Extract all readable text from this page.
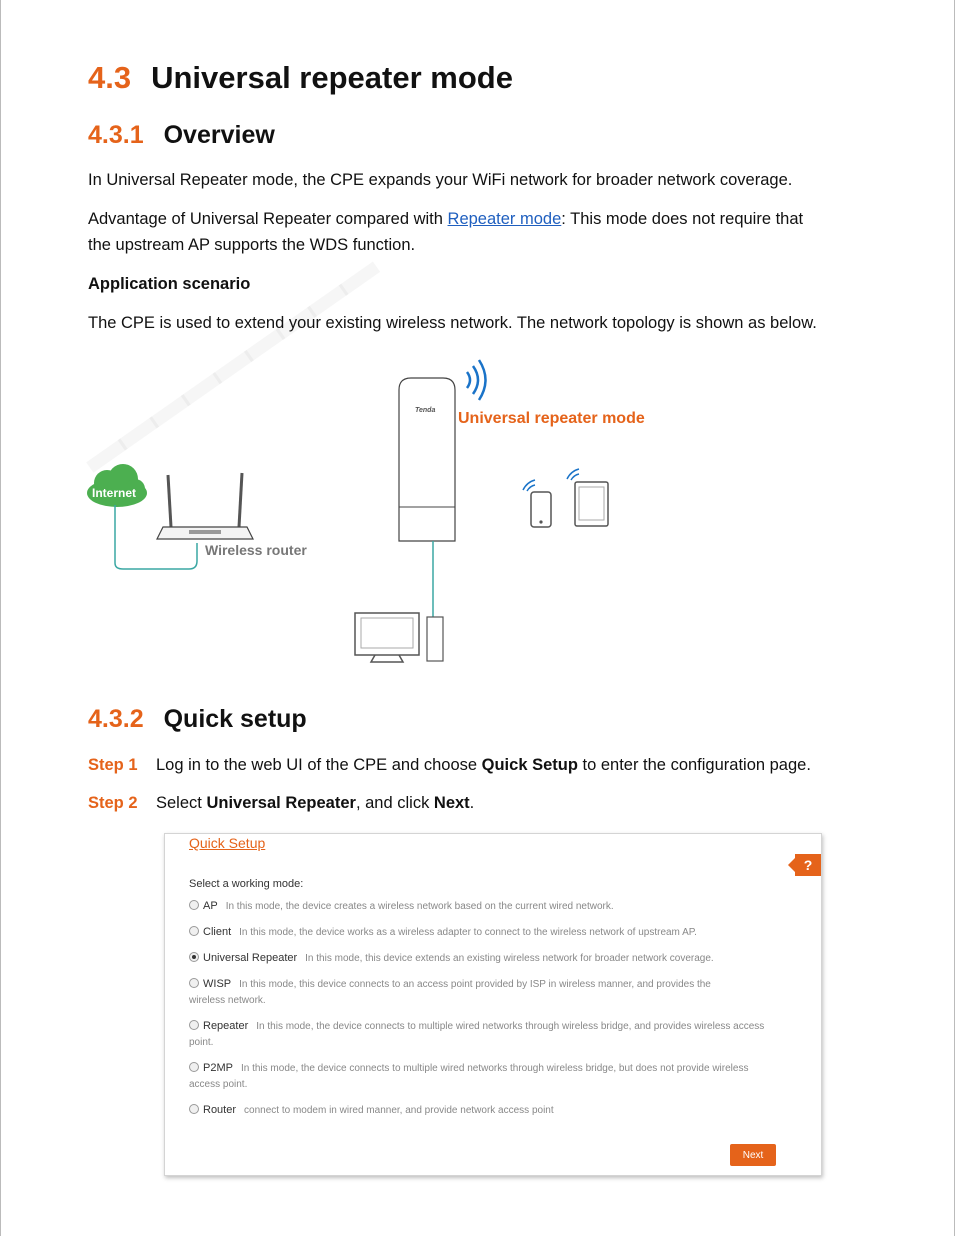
4.3 Universal repeater mode
4.3.1 Overview
In Universal Repeater mode, the CPE expands your WiFi network for broader network coverage.
Advantage of Universal Repeater compared with Repeater mode: This mode does not require that
the upstream AP supports the WDS function.
Application scenario
The CPE is used to extend your existing wireless network. The network topology is shown as below.
Internet
Wireless router
Universal repeater mode
Tenda
4.3.2 Quick setup
Step 1 Log in to the web UI of the CPE and choose Quick Setup to enter the configuration page.
Step 2 Select Universal Repeater, and click Next.
Quick Setup
?
Select a working mode:
AP In this mode, the device creates a wireless network based on the current wired network.
Client In this mode, the device works as a wireless adapter to connect to the wireless network of upstream AP.
Universal Repeater In this mode, this device extends an existing wireless network for broader network coverage.
WISP In this mode, this device connects to an access point provided by ISP in wireless manner, and provides the wireless network.
Repeater In this mode, the device connects to multiple wired networks through wireless bridge, and provides wireless access point.
P2MP In this mode, the device connects to multiple wired networks through wireless bridge, but does not provide wireless access point.
Router connect to modem in wired manner, and provide network access point
Next
